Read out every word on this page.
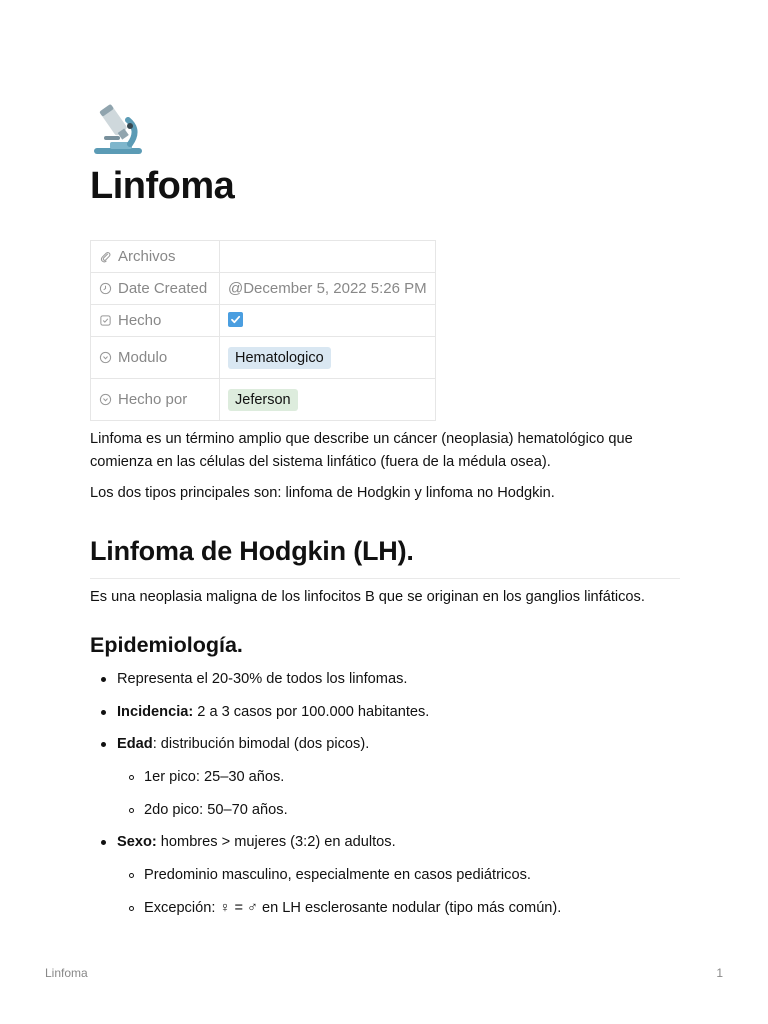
Linfoma
Archivos	

Date Created	@December 5, 2022 5:26 PM

Hecho

Modulo	Hematologico

Hecho por	Jeferson

Linfoma es un término amplio que describe un cáncer (neoplasia) hematológico que comienza en las células del sistema linfático (fuera de la médula osea).

Los dos tipos principales son: linfoma de Hodgkin y linfoma no Hodgkin.

Linfoma de Hodgkin (LH).

Es una neoplasia maligna de los linfocitos B que se originan en los ganglios linfáticos.

Epidemiología.
Representa el 20-30% de todos los linfomas.
Incidencia: 2 a 3 casos por 100.000 habitantes.
Edad: distribución bimodal (dos picos).
1er pico: 25–30 años.
2do pico: 50–70 años.
Sexo: hombres > mujeres (3:2) en adultos.
Predominio masculino, especialmente en casos pediátricos.
Excepción: ♀ = ♂ en LH esclerosante nodular (tipo más común).
Linfoma	1
